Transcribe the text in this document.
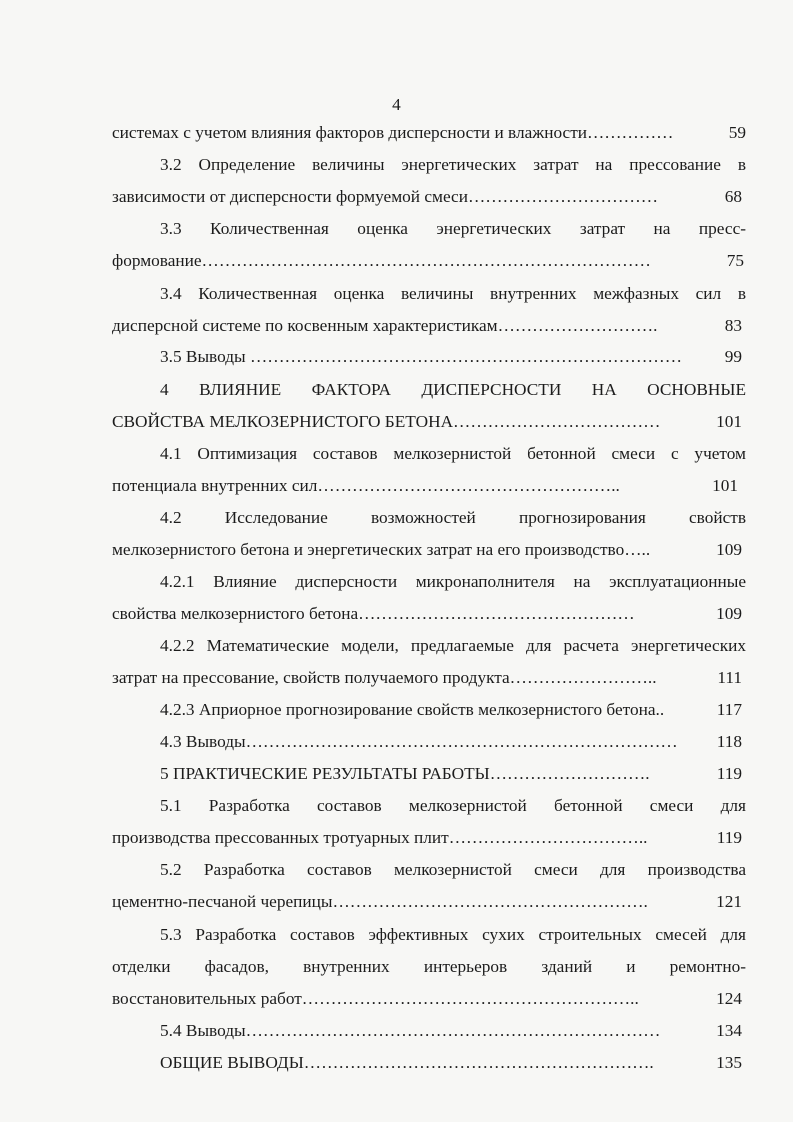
4
системах с учетом влияния факторов дисперсности и влажности……………	59
3.2 Определение величины энергетических затрат на прессование в
зависимости от дисперсности формуемой смеси……………………………	68
3.3 Количественная оценка энергетических затрат на пресс-
формование……………………………………………………………………	75
3.4 Количественная оценка величины внутренних межфазных сил в
дисперсной системе по косвенным характеристикам……………………….	83
3.5 Выводы ………………………………………………………………… 99
4 ВЛИЯНИЕ ФАКТОРА ДИСПЕРСНОСТИ НА ОСНОВНЫЕ
СВОЙСТВА МЕЛКОЗЕРНИСТОГО БЕТОНА………………………………	101
4.1 Оптимизация составов мелкозернистой бетонной смеси с учетом
потенциала внутренних сил……………………………………………..	101
4.2 Исследование возможностей прогнозирования свойств
мелкозернистого бетона и энергетических затрат на его производство…..	109
4.2.1 Влияние дисперсности микронаполнителя на эксплуатационные
свойства мелкозернистого бетона…………………………………………	109
4.2.2 Математические модели, предлагаемые для расчета энергетических
затрат на прессование, свойств получаемого продукта……………………..	111
4.2.3 Априорное прогнозирование свойств мелкозернистого бетона..	117
4.3 Выводы………………………………………………………………… 118
5 ПРАКТИЧЕСКИЕ РЕЗУЛЬТАТЫ РАБОТЫ……………………….	119
5.1 Разработка составов мелкозернистой бетонной смеси для
производства прессованных тротуарных плит……………………………..	119
5.2 Разработка составов мелкозернистой смеси для производства
цементно-песчаной черепицы……………………………………………….	121
5.3 Разработка составов эффективных сухих строительных смесей для
отделки фасадов, внутренних интерьеров зданий и ремонтно-
восстановительных работ…………………………………………………..	124
5.4 Выводы………………………………………………………………	134
ОБЩИЕ ВЫВОДЫ…………………………………………………….	135
